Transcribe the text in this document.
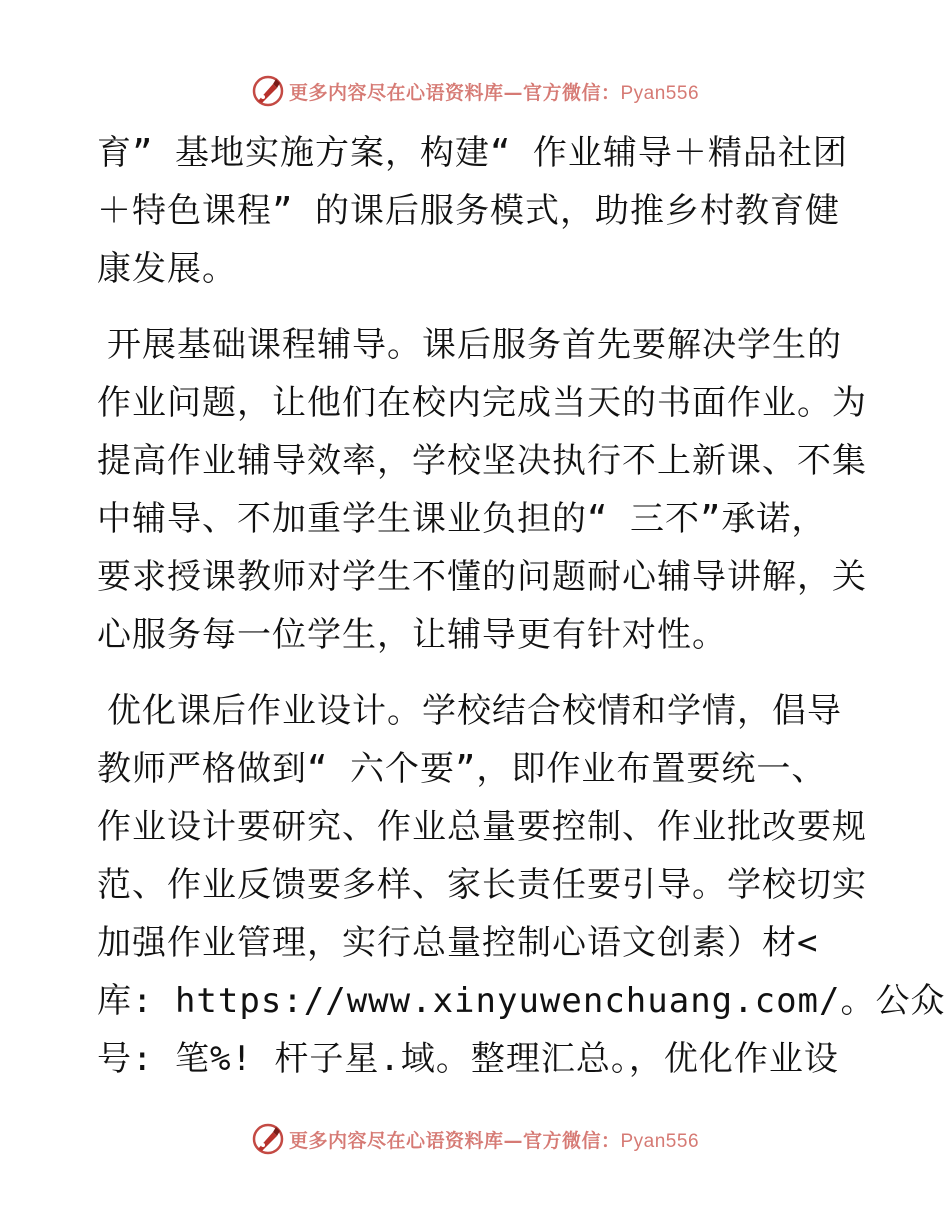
更多内容尽在心语资料库—官方微信：Pyan556

育” 基地实施方案，构建“ 作业辅导＋精品社团

＋特色课程” 的课后服务模式，助推乡村教育健

康发展。

开展基础课程辅导。课后服务首先要解决学生的

作业问题，让他们在校内完成当天的书面作业。为

提高作业辅导效率，学校坚决执行不上新课、不集

中辅导、不加重学生课业负担的“ 三不”承诺，

要求授课教师对学生不懂的问题耐心辅导讲解，关

心服务每一位学生，让辅导更有针对性。

优化课后作业设计。学校结合校情和学情，倡导

教师严格做到“ 六个要”，即作业布置要统一、

作业设计要研究、作业总量要控制、作业批改要规

范、作业反馈要多样、家长责任要引导。学校切实

加强作业管理，实行总量控制心语文创素）材<

库: https://www.xinyuwenchuang.com/。公众

号: 笔%! 杆子星.域。整理汇总。，优化作业设

更多内容尽在心语资料库—官方微信：Pyan556
